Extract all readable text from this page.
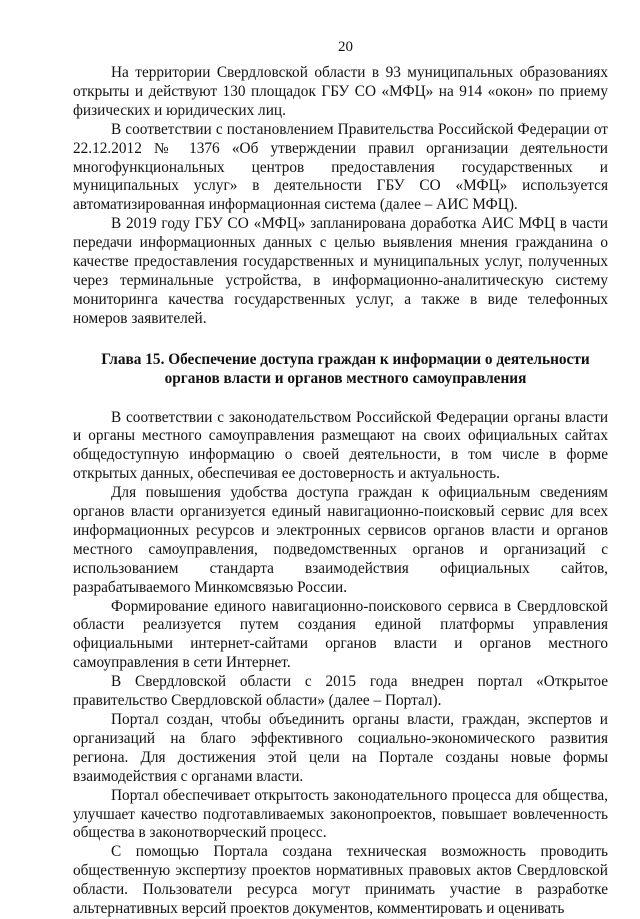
20

На территории Свердловской области в 93 муниципальных образованиях открыты и действуют 130 площадок ГБУ СО «МФЦ» на 914 «окон» по приему физических и юридических лиц.

В соответствии с постановлением Правительства Российской Федерации от 22.12.2012 № 1376 «Об утверждении правил организации деятельности многофункциональных центров предоставления государственных и муниципальных услуг» в деятельности ГБУ СО «МФЦ» используется автоматизированная информационная система (далее – АИС МФЦ).

В 2019 году ГБУ СО «МФЦ» запланирована доработка АИС МФЦ в части передачи информационных данных с целью выявления мнения гражданина о качестве предоставления государственных и муниципальных услуг, полученных через терминальные устройства, в информационно-аналитическую систему мониторинга качества государственных услуг, а также в виде телефонных номеров заявителей.

Глава 15. Обеспечение доступа граждан к информации о деятельности
органов власти и органов местного самоуправления

В соответствии с законодательством Российской Федерации органы власти и органы местного самоуправления размещают на своих официальных сайтах общедоступную информацию о своей деятельности, в том числе в форме открытых данных, обеспечивая ее достоверность и актуальность.

Для повышения удобства доступа граждан к официальным сведениям органов власти организуется единый навигационно-поисковый сервис для всех информационных ресурсов и электронных сервисов органов власти и органов местного самоуправления, подведомственных органов и организаций с использованием стандарта взаимодействия официальных сайтов, разрабатываемого Минкомсвязью России.

Формирование единого навигационно-поискового сервиса в Свердловской области реализуется путем создания единой платформы управления официальными интернет-сайтами органов власти и органов местного самоуправления в сети Интернет.

В Свердловской области с 2015 года внедрен портал «Открытое правительство Свердловской области» (далее – Портал).

Портал создан, чтобы объединить органы власти, граждан, экспертов и организаций на благо эффективного социально-экономического развития региона. Для достижения этой цели на Портале созданы новые формы взаимодействия с органами власти.

Портал обеспечивает открытость законодательного процесса для общества, улучшает качество подготавливаемых законопроектов, повышает вовлеченность общества в законотворческий процесс.

С помощью Портала создана техническая возможность проводить общественную экспертизу проектов нормативных правовых актов Свердловской области. Пользователи ресурса могут принимать участие в разработке альтернативных версий проектов документов, комментировать и оценивать
